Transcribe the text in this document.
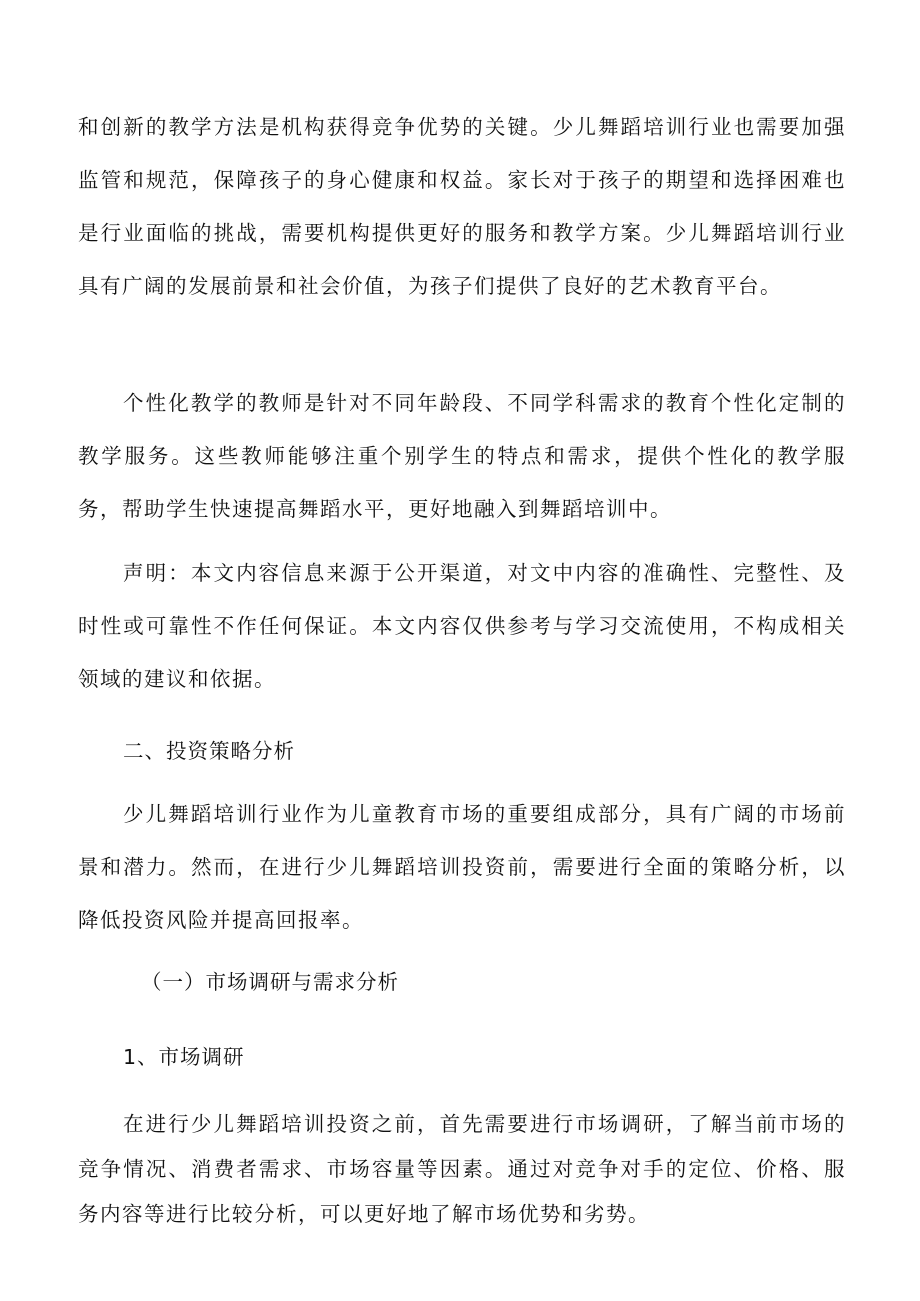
和创新的教学方法是机构获得竞争优势的关键。少儿舞蹈培训行业也需要加强监管和规范，保障孩子的身心健康和权益。家长对于孩子的期望和选择困难也是行业面临的挑战，需要机构提供更好的服务和教学方案。少儿舞蹈培训行业具有广阔的发展前景和社会价值，为孩子们提供了良好的艺术教育平台。

个性化教学的教师是针对不同年龄段、不同学科需求的教育个性化定制的教学服务。这些教师能够注重个别学生的特点和需求，提供个性化的教学服务，帮助学生快速提高舞蹈水平，更好地融入到舞蹈培训中。

声明：本文内容信息来源于公开渠道，对文中内容的准确性、完整性、及时性或可靠性不作任何保证。本文内容仅供参考与学习交流使用，不构成相关领域的建议和依据。

二、投资策略分析

少儿舞蹈培训行业作为儿童教育市场的重要组成部分，具有广阔的市场前景和潜力。然而，在进行少儿舞蹈培训投资前，需要进行全面的策略分析，以降低投资风险并提高回报率。

（一）市场调研与需求分析
1、市场调研

在进行少儿舞蹈培训投资之前，首先需要进行市场调研，了解当前市场的竞争情况、消费者需求、市场容量等因素。通过对竞争对手的定位、价格、服务内容等进行比较分析，可以更好地了解市场优势和劣势。
